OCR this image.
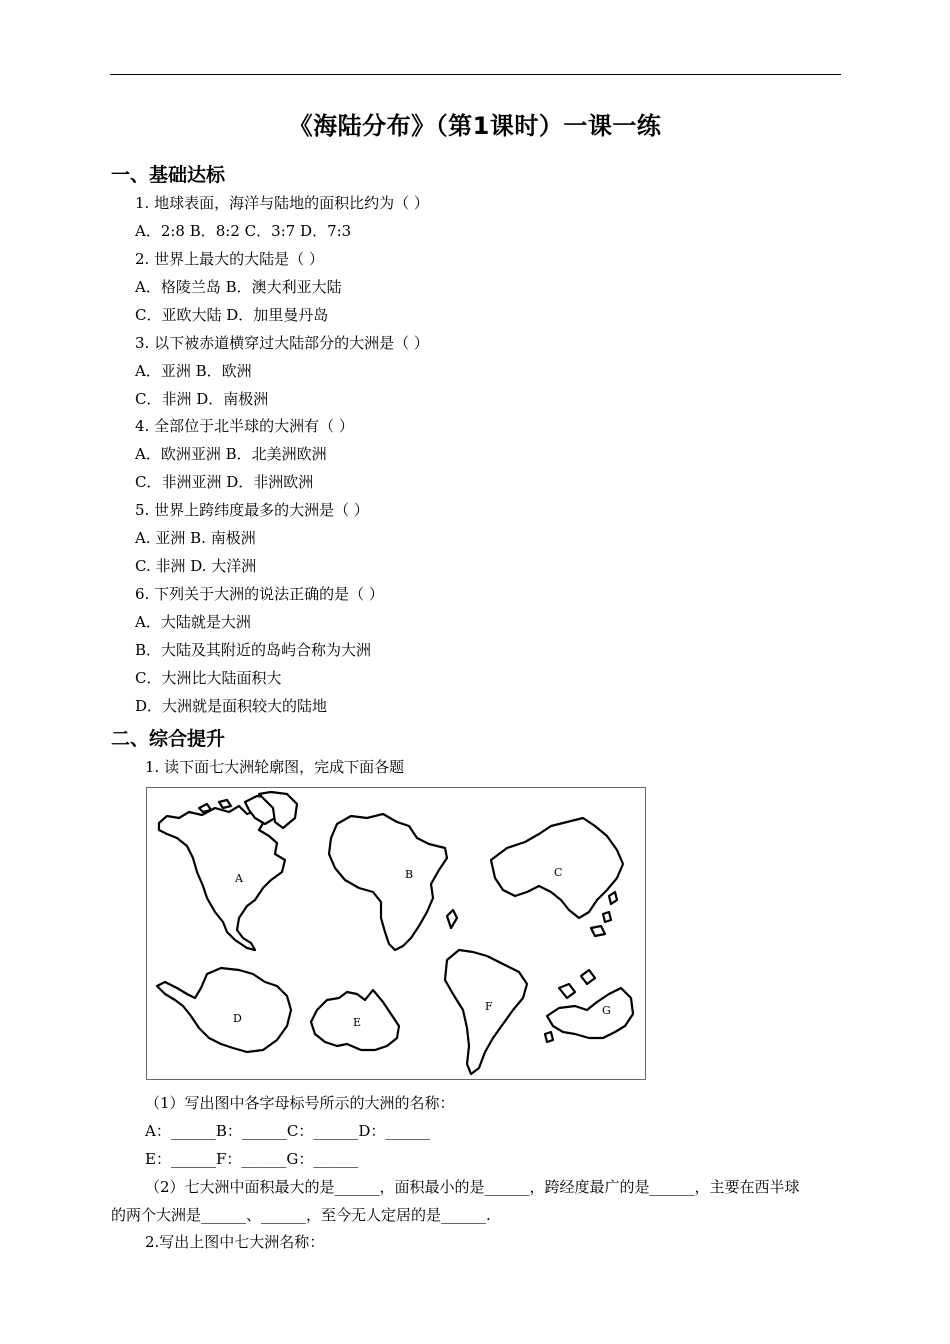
《海陆分布》（第1课时）一课一练
一、基础达标
1. 地球表面，海洋与陆地的面积比约为（ ）
A．2:8 B．8:2 C．3:7 D．7:3
2. 世界上最大的大陆是（ ）
A．格陵兰岛 B．澳大利亚大陆
C．亚欧大陆 D．加里曼丹岛
3. 以下被赤道横穿过大陆部分的大洲是（ ）
A．亚洲 B．欧洲
C．非洲 D．南极洲
4. 全部位于北半球的大洲有（ ）
A．欧洲亚洲 B．北美洲欧洲
C．非洲亚洲 D．非洲欧洲
5. 世界上跨纬度最多的大洲是（ ）
A. 亚洲 B. 南极洲
C. 非洲 D. 大洋洲
6. 下列关于大洲的说法正确的是（ ）
A．大陆就是大洲
B．大陆及其附近的岛屿合称为大洲
C．大洲比大陆面积大
D．大洲就是面积较大的陆地
二、综合提升
1. 读下面七大洲轮廓图，完成下面各题
A	B	C
D	E
F	G
（1）写出图中各字母标号所示的大洲的名称：
A：______B：______C：______D：______
E：______F：______G：______
（2）七大洲中面积最大的是______，面积最小的是______，跨经度最广的是______，主要在西半球
的两个大洲是______、______，至今无人定居的是______.
2.写出上图中七大洲名称：
